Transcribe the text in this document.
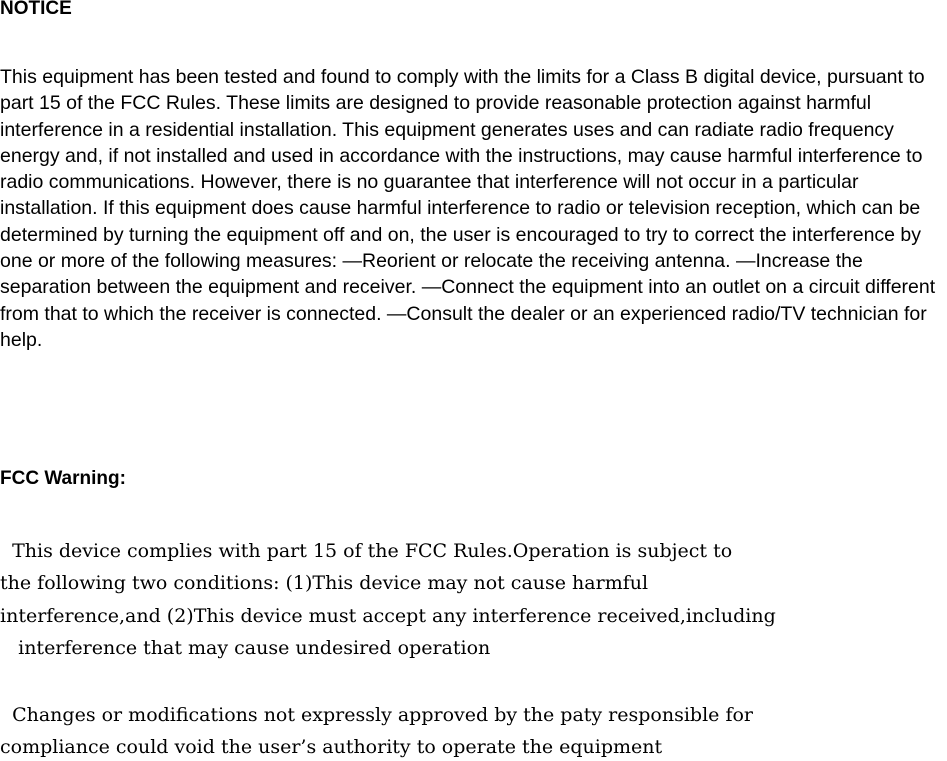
NOTICE

This equipment has been tested and found to comply with the limits for a Class B digital device, pursuant to part 15 of the FCC Rules. These limits are designed to provide reasonable protection against harmful interference in a residential installation. This equipment generates uses and can radiate radio frequency energy and, if not installed and used in accordance with the instructions, may cause harmful interference to radio communications. However, there is no guarantee that interference will not occur in a particular installation. If this equipment does cause harmful interference to radio or television reception, which can be determined by turning the equipment off and on, the user is encouraged to try to correct the interference by one or more of the following measures: —Reorient or relocate the receiving antenna. —Increase the separation between the equipment and receiver. —Connect the equipment into an outlet on a circuit different from that to which the receiver is connected. —Consult the dealer or an experienced radio/TV technician for help.

FCC Warning:
This device complies with part 15 of the FCC Rules.Operation is subject to
the following two conditions: (1)This device may not cause harmful
interference,and (2)This device must accept any interference received,including
interference that may cause undesired operation
Changes or modifications not expressly approved by the paty responsible for
compliance could void the user’s authority to operate the equipment
